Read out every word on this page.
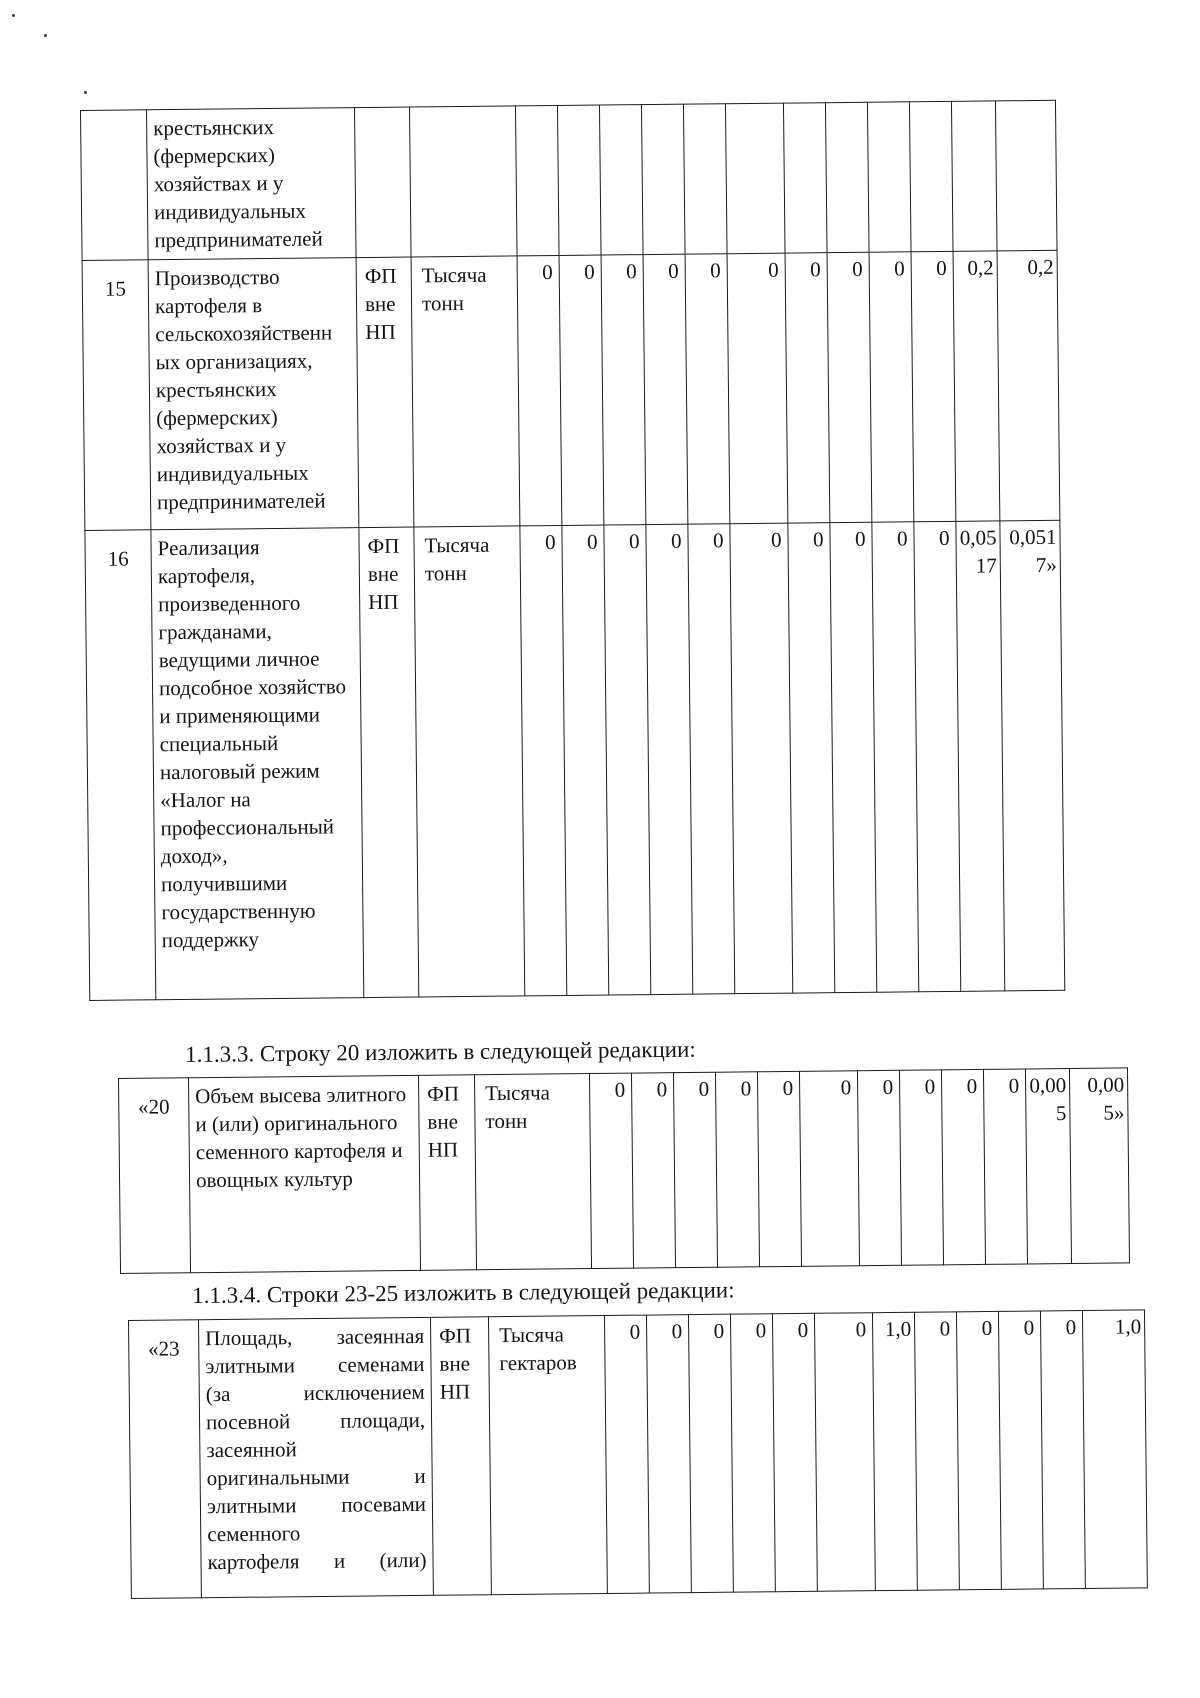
	крестьянских (фермерских) хозяйствах и у индивидуальных предпринимателей														
15	Производство картофеля в сельскохозяйственн ых организациях, крестьянских (фермерских) хозяйствах и у индивидуальных предпринимателей	ФП вне НП	Тысяча тонн	0	0	0	0	0	0	0	0	0	0	0,2	0,2
16	Реализация картофеля, произведенного гражданами, ведущими личное подсобное хозяйство и применяющими специальный налоговый режим «Налог на профессиональный доход», получившими государственную поддержку	ФП вне НП	Тысяча тонн	0	0	0	0	0	0	0	0	0	0	0,0517	0,0517»
1.1.3.3. Строку 20 изложить в следующей редакции:
«20	Объем высева элитного и (или) оригинального семенного картофеля и овощных культур	ФП вне НП	Тысяча тонн	0	0	0	0	0	0	0	0	0	0	0,005	0,005»
1.1.3.4. Строки 23-25 изложить в следующей редакции:
«23	Площадь, засеянная
элитными семенами
(за исключением
посевной площади,
засеянной
оригинальными и
элитными посевами
семенного
картофеля и (или)
	ФП вне НП	Тысяча гектаров	0	0	0	0	0	0	1,0	0	0	0	0	1,0
